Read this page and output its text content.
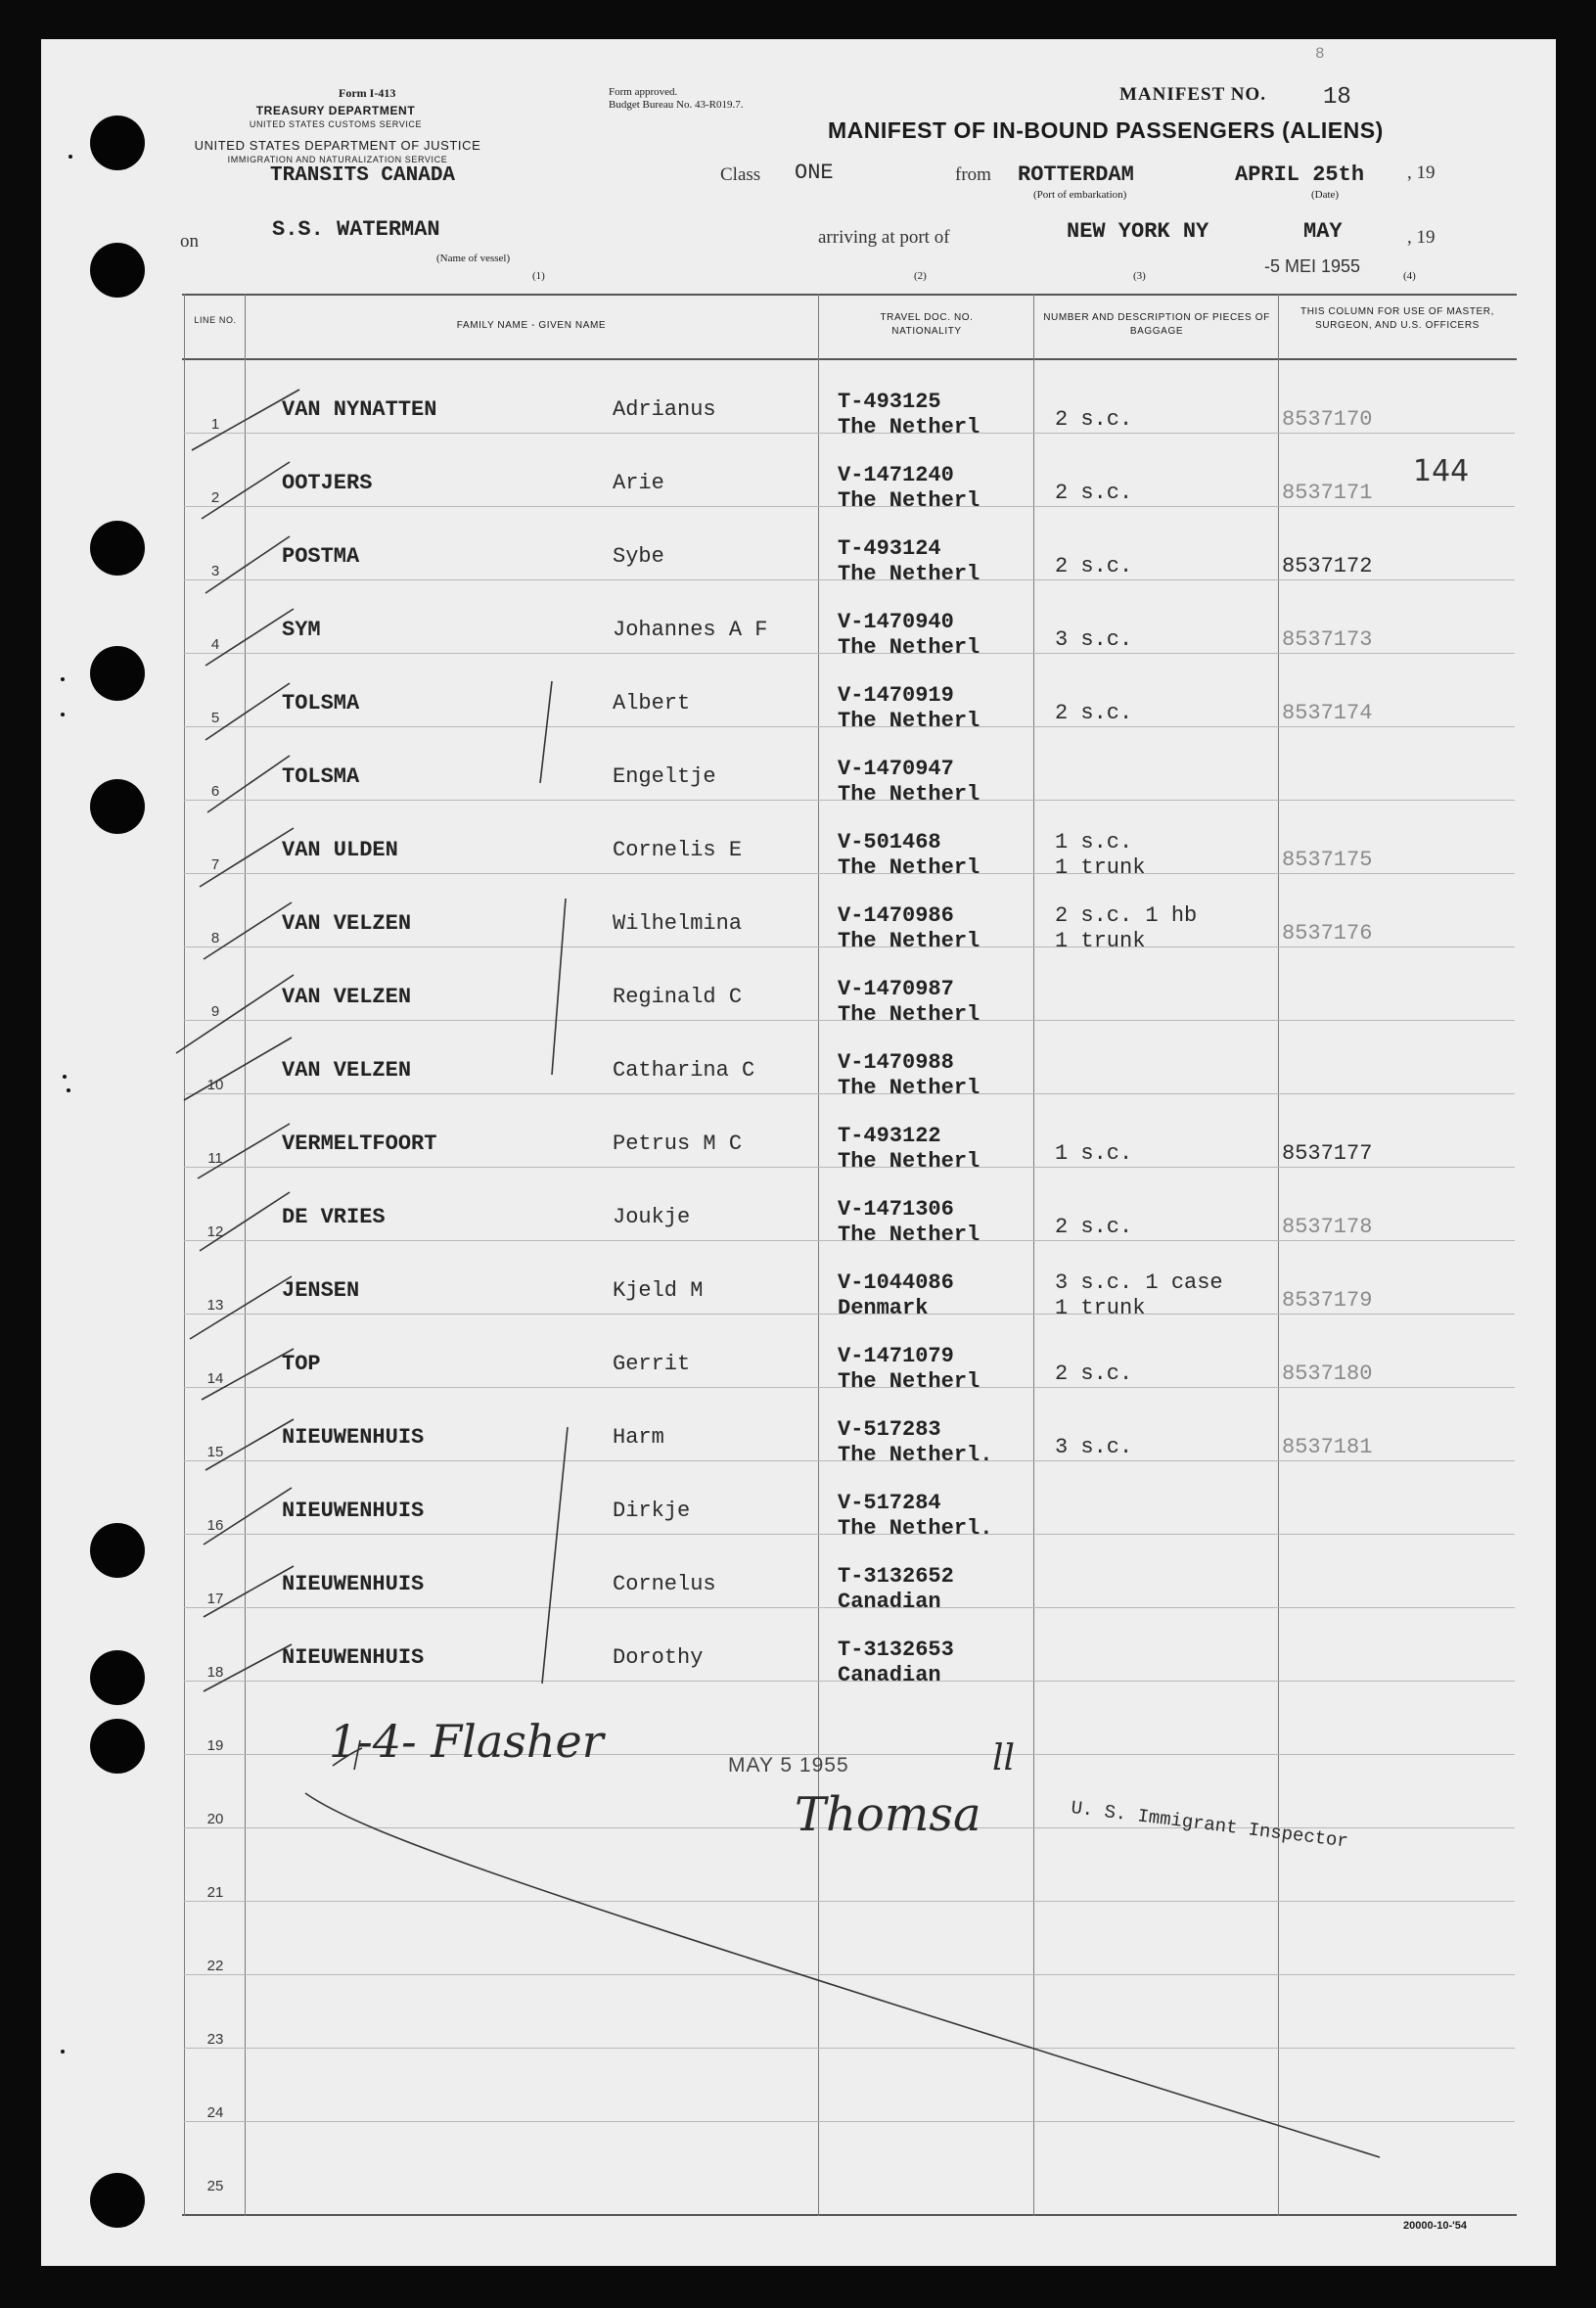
Form I-413
TREASURY DEPARTMENT
UNITED STATES CUSTOMS SERVICE
UNITED STATES DEPARTMENT OF JUSTICE
IMMIGRATION AND NATURALIZATION SERVICE
TRANSITS CANADA
Form approved.
Budget Bureau No. 43-R019.7.	MANIFEST NO. 18
8
MANIFEST OF IN-BOUND PASSENGERS (ALIENS)
Class ONE	from ROTTERDAM
(Port of embarkation)
APRIL 25th , 19
(Date)
on	S.S. WATERMAN
(Name of vessel)
(1)
arriving at port of
(2)
NEW YORK NY
(3)
MAY	, 19
-5 MEI 1955	(4)
LINE NO.	FAMILY NAME - GIVEN NAME
TRAVEL DOC. NO. NATIONALITY
NUMBER AND DESCRIPTION OF PIECES OF BAGGAGE
THIS COLUMN FOR USE OF MASTER, SURGEON, AND U.S. OFFICERS
1
VAN NYNATTEN	Adrianus	T-493125
The Netherl	2 s.c.	8537170
2
OOTJERS	Arie	V-1471240
The Netherl	2 s.c.	8537171
3
POSTMA	Sybe	T-493124
The Netherl	2 s.c.	8537172
4
SYM	Johannes A F	V-1470940
The Netherl	3 s.c.	8537173
5
TOLSMA	Albert	V-1470919
The Netherl	2 s.c.	8537174
6
TOLSMA	Engeltje	V-1470947
The Netherl
7
VAN ULDEN	Cornelis E	V-501468
The Netherl
1 s.c.
1 trunk	8537175
8
VAN VELZEN	Wilhelmina	V-1470986
The Netherl
2 s.c. 1 hb
1 trunk	8537176
9
VAN VELZEN	Reginald C	V-1470987
The Netherl
10
VAN VELZEN	Catharina C	V-1470988
The Netherl
11
VERMELTFOORT	Petrus M C	T-493122
The Netherl	1 s.c.	8537177
12
DE VRIES	Joukje	V-1471306
The Netherl	2 s.c.	8537178
13
JENSEN	Kjeld M	V-1044086
Denmark
3 s.c. 1 case
1 trunk	8537179
14
TOP	Gerrit	V-1471079
The Netherl	2 s.c.	8537180
15
NIEUWENHUIS	Harm	V-517283
The Netherl.	3 s.c.	8537181
16
NIEUWENHUIS	Dirkje	V-517284
The Netherl.
17
NIEUWENHUIS	Cornelus	T-3132652
Canadian
18
NIEUWENHUIS	Dorothy	T-3132653
Canadian
19
20
21
22
23
24
25
144
1-4- Flasher	MAY 5 1955	ll
Thomsa	U. S. Immigrant Inspector
20000-10-'54
